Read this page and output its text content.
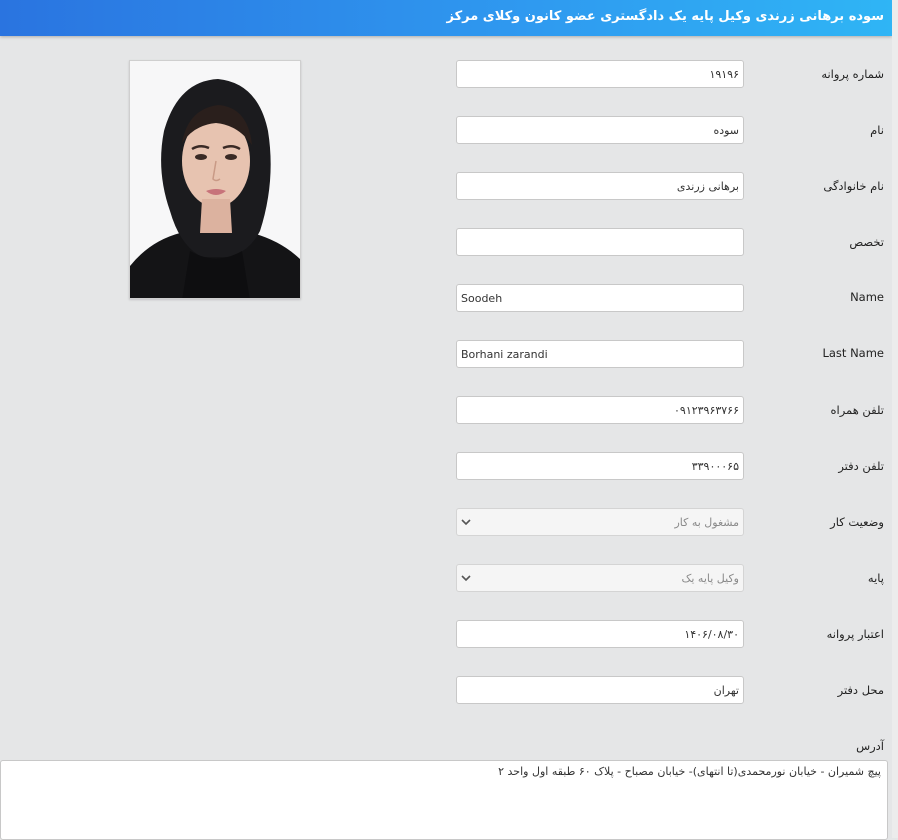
سوده برهانی زرندی وکیل پایه یک دادگستری عضو کانون وکلای مرکز
شماره پروانه
۱۹۱۹۶
نام
سوده
نام خانوادگی
برهانی زرندی
تخصص
Name
Soodeh
Last Name
Borhani zarandi
تلفن همراه
۰۹۱۲۳۹۶۳۷۶۶
تلفن دفتر
۳۳۹۰۰۰۶۵
وضعیت کار
مشغول به کار
پایه
وکیل پایه یک
اعتبار پروانه
۱۴۰۶/۰۸/۳۰
محل دفتر
تهران
آدرس
پیچ شمیران - خیابان نورمحمدی(تا انتهای)- خیابان مصباح - پلاک ۶۰ طبقه اول واحد ۲
